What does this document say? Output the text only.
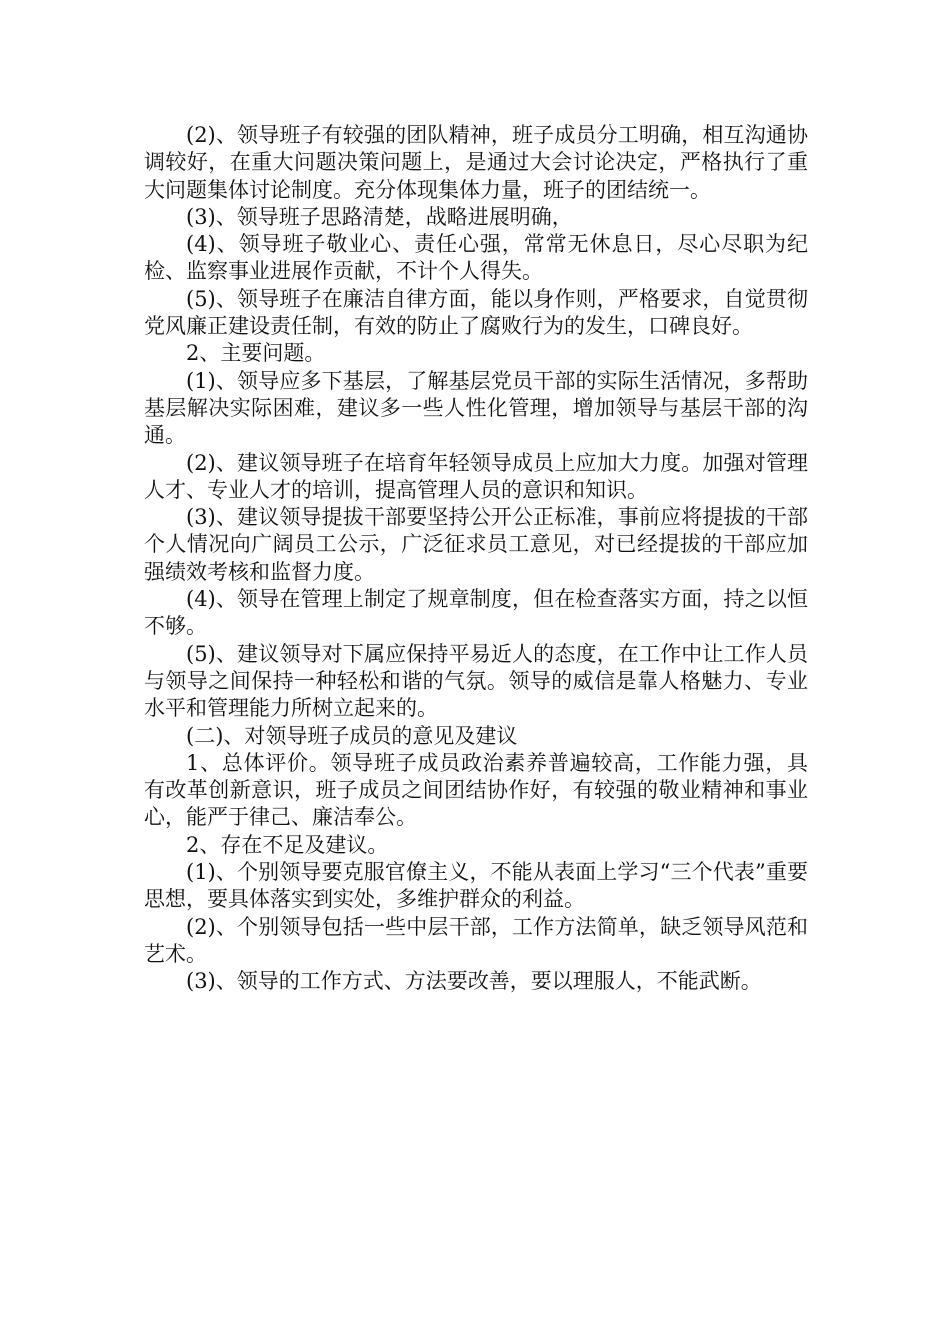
(2)、领导班子有较强的团队精神，班子成员分工明确，相互沟通协调较好，在重大问题决策问题上，是通过大会讨论决定，严格执行了重大问题集体讨论制度。充分体现集体力量，班子的团结统一。

(3)、领导班子思路清楚，战略进展明确，

(4)、领导班子敬业心、责任心强，常常无休息日，尽心尽职为纪检、监察事业进展作贡献，不计个人得失。

(5)、领导班子在廉洁自律方面，能以身作则，严格要求，自觉贯彻党风廉正建设责任制，有效的防止了腐败行为的发生，口碑良好。

2、主要问题。

(1)、领导应多下基层，了解基层党员干部的实际生活情况，多帮助基层解决实际困难，建议多一些人性化管理，增加领导与基层干部的沟通。

(2)、建议领导班子在培育年轻领导成员上应加大力度。加强对管理人才、专业人才的培训，提高管理人员的意识和知识。

(3)、建议领导提拔干部要坚持公开公正标准，事前应将提拔的干部个人情况向广阔员工公示，广泛征求员工意见，对已经提拔的干部应加强绩效考核和监督力度。

(4)、领导在管理上制定了规章制度，但在检查落实方面，持之以恒不够。

(5)、建议领导对下属应保持平易近人的态度，在工作中让工作人员与领导之间保持一种轻松和谐的气氛。领导的威信是靠人格魅力、专业水平和管理能力所树立起来的。

(二)、对领导班子成员的意见及建议

1、总体评价。领导班子成员政治素养普遍较高，工作能力强，具有改革创新意识，班子成员之间团结协作好，有较强的敬业精神和事业心，能严于律己、廉洁奉公。

2、存在不足及建议。

(1)、个别领导要克服官僚主义，不能从表面上学习“三个代表”重要思想，要具体落实到实处，多维护群众的利益。

(2)、个别领导包括一些中层干部，工作方法简单，缺乏领导风范和艺术。

(3)、领导的工作方式、方法要改善，要以理服人，不能武断。
